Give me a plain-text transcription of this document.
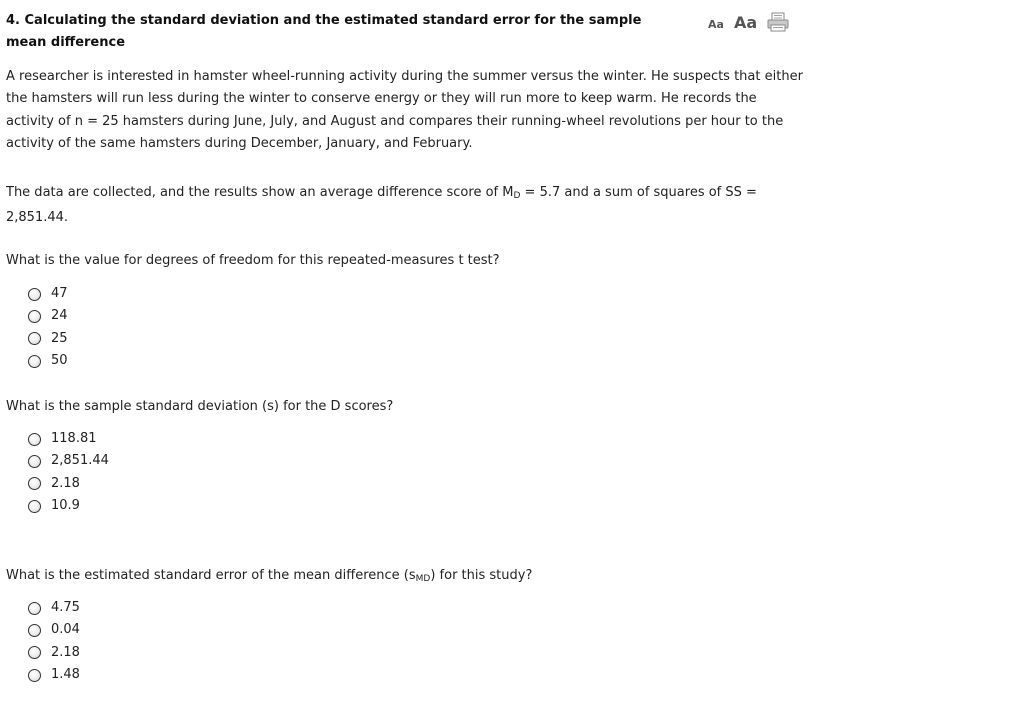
4. Calculating the standard deviation and the estimated standard error for the sample mean difference
Aa Aa

A researcher is interested in hamster wheel-running activity during the summer versus the winter. He suspects that either the hamsters will run less during the winter to conserve energy or they will run more to keep warm. He records the activity of n = 25 hamsters during June, July, and August and compares their running-wheel revolutions per hour to the activity of the same hamsters during December, January, and February.

The data are collected, and the results show an average difference score of $M_D = 5.7$ and a sum of squares of SS = 2,851.44.

What is the value for degrees of freedom for this repeated-measures t test?

47
24
25
50

What is the sample standard deviation (s) for the D scores?

118.81
2,851.44
2.18
10.9

What is the estimated standard error of the mean difference $(s_{MD})$ for this study?

4.75
0.04
2.18
1.48
